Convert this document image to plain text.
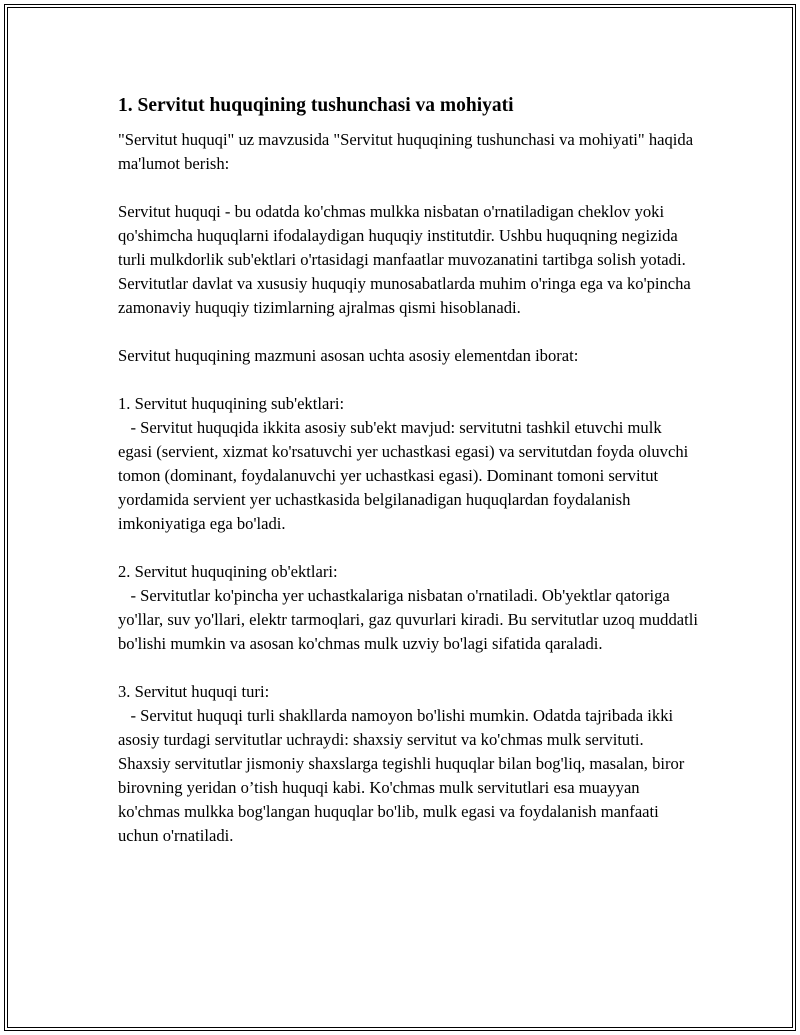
1. Servitut huquqining tushunchasi va mohiyati

"Servitut huquqi" uz mavzusida "Servitut huquqining tushunchasi va mohiyati" haqida ma'lumot berish:

Servitut huquqi - bu odatda ko'chmas mulkka nisbatan o'rnatiladigan cheklov yoki qo'shimcha huquqlarni ifodalaydigan huquqiy institutdir. Ushbu huquqning negizida turli mulkdorlik sub'ektlari o'rtasidagi manfaatlar muvozanatini tartibga solish yotadi. Servitutlar davlat va xususiy huquqiy munosabatlarda muhim o'ringa ega va ko'pincha zamonaviy huquqiy tizimlarning ajralmas qismi hisoblanadi.

Servitut huquqining mazmuni asosan uchta asosiy elementdan iborat:

1. Servitut huquqining sub'ektlari:
- Servitut huquqida ikkita asosiy sub'ekt mavjud: servitutni tashkil etuvchi mulk egasi (servient, xizmat ko'rsatuvchi yer uchastkasi egasi) va servitutdan foyda oluvchi tomon (dominant, foydalanuvchi yer uchastkasi egasi). Dominant tomoni servitut yordamida servient yer uchastkasida belgilanadigan huquqlardan foydalanish imkoniyatiga ega bo'ladi.

2. Servitut huquqining ob'ektlari:
- Servitutlar ko'pincha yer uchastkalariga nisbatan o'rnatiladi. Ob'yektlar qatoriga yo'llar, suv yo'llari, elektr tarmoqlari, gaz quvurlari kiradi. Bu servitutlar uzoq muddatli bo'lishi mumkin va asosan ko'chmas mulk uzviy bo'lagi sifatida qaraladi.

3. Servitut huquqi turi:
- Servitut huquqi turli shakllarda namoyon bo'lishi mumkin. Odatda tajribada ikki asosiy turdagi servitutlar uchraydi: shaxsiy servitut va ko'chmas mulk servituti. Shaxsiy servitutlar jismoniy shaxslarga tegishli huquqlar bilan bog'liq, masalan, biror birovning yeridan o’tish huquqi kabi. Ko'chmas mulk servitutlari esa muayyan ko'chmas mulkka bog'langan huquqlar bo'lib, mulk egasi va foydalanish manfaati uchun o'rnatiladi.
